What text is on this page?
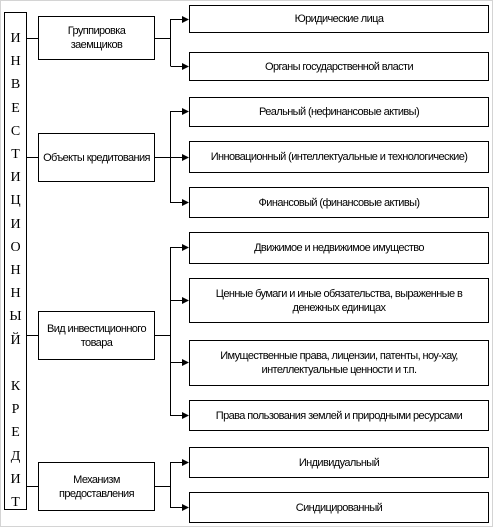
И
Н
В
Е
С
Т
И
Ц
И
О
Н
Н
Ы
Й
К
Р
Е
Д
И
Т
Группировка заемщиков
Объекты кредитования
Вид инвестиционного товара
Механизм предоставления
Юридические лица
Органы государственной власти
Реальный (нефинансовые активы)
Инновационный (интеллектуальные и технологические)
Финансовый (финансовые активы)
Движимое и недвижимое имущество
Ценные бумаги и иные обязательства, выраженные в денежных единицах
Имущественные права, лицензии, патенты, ноу-хау, интеллектуальные ценности и т.п.
Права пользования землей и природными ресурсами
Индивидуальный
Синдицированный
